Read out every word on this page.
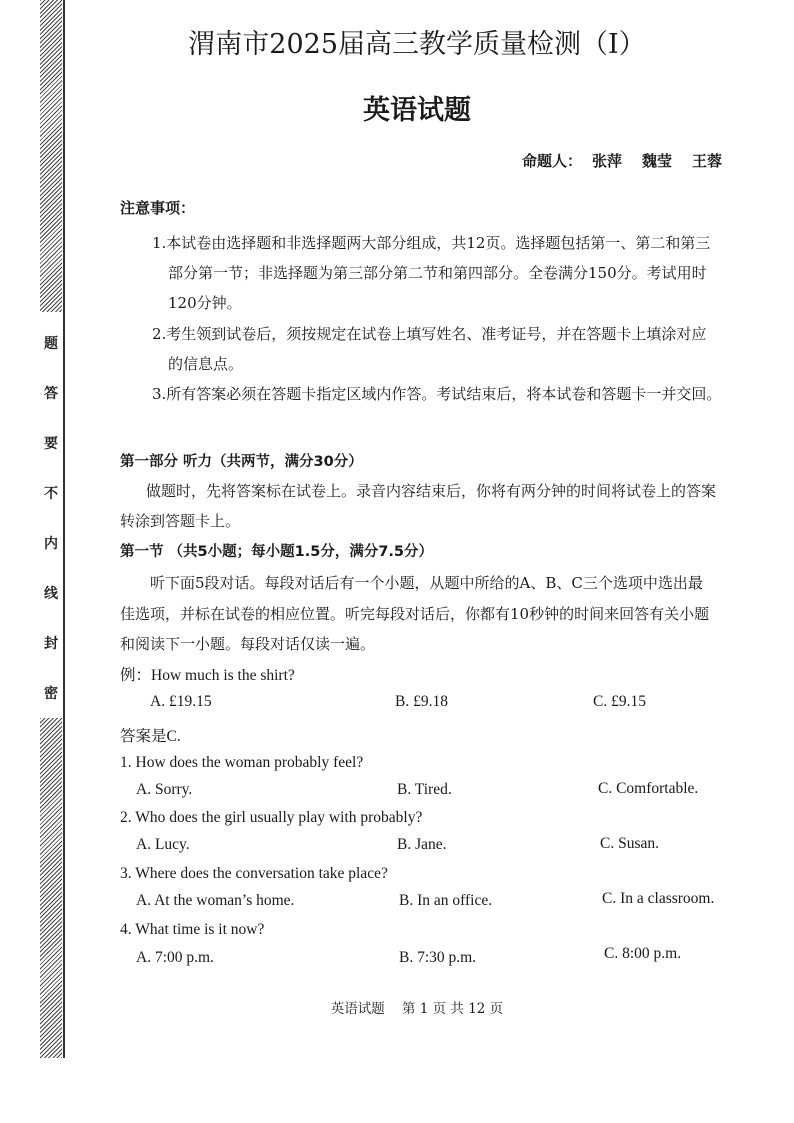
题
答
要
不
内
线
封
密
渭南市2025届高三教学质量检测（Ⅰ）
英语试题
命题人： 张萍 魏莹 王蓉
注意事项：
1.本试卷由选择题和非选择题两大部分组成，共12页。选择题包括第一、第二和第三
部分第一节；非选择题为第三部分第二节和第四部分。全卷满分150分。考试用时
120分钟。
2.考生领到试卷后，须按规定在试卷上填写姓名、准考证号，并在答题卡上填涂对应
的信息点。
3.所有答案必须在答题卡指定区域内作答。考试结束后，将本试卷和答题卡一并交回。
第一部分 听力（共两节，满分30分）
做题时，先将答案标在试卷上。录音内容结束后，你将有两分钟的时间将试卷上的答案
转涂到答题卡上。
第一节 （共5小题；每小题1.5分，满分7.5分）
听下面5段对话。每段对话后有一个小题，从题中所给的A、B、C三个选项中选出最
佳选项，并标在试卷的相应位置。听完每段对话后，你都有10秒钟的时间来回答有关小题
和阅读下一小题。每段对话仅读一遍。
例：How much is the shirt?
A. £19.15	B. £9.18	C. £9.15
答案是C.
1. How does the woman probably feel?
A. Sorry.	B. Tired.	C. Comfortable.
2. Who does the girl usually play with probably?
A. Lucy.	B. Jane.	C. Susan.
3. Where does the conversation take place?
A. At the woman’s home.	B. In an office.	C. In a classroom.
4. What time is it now?
A. 7:00 p.m.	B. 7:30 p.m.	C. 8:00 p.m.
英语试题    第 1 页 共 12 页
